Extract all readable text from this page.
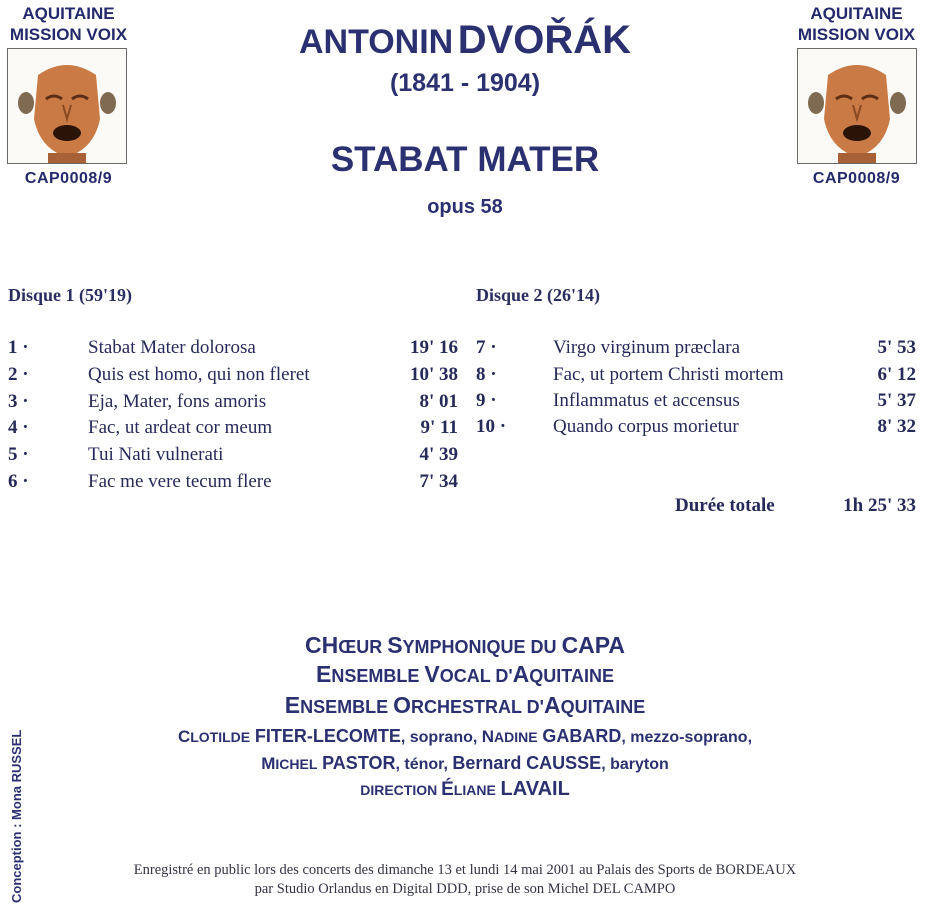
AQUITAINE
MISSION VOIX
CAP0008/9
AQUITAINE
MISSION VOIX
CAP0008/9
ANTONIN DVOŘÁK
(1841 - 1904)
STABAT MATER
opus 58
Disque 1 (59'19)
1 ·	Stabat Mater dolorosa	19' 16
2 ·	Quis est homo, qui non fleret	10' 38
3 ·	Eja, Mater, fons amoris	8' 01
4 ·	Fac, ut ardeat cor meum	9' 11
5 ·	Tui Nati vulnerati	4' 39
6 ·	Fac me vere tecum flere	7' 34
Disque 2 (26'14)
7 ·	Virgo virginum præclara	5' 53
8 ·	Fac, ut portem Christi mortem	6' 12
9 ·	Inflammatus et accensus	5' 37
10 · Quando corpus morietur	8' 32
Durée totale	1h 25' 33
CHŒUR SYMPHONIQUE DU CAPA
ENSEMBLE VOCAL D'AQUITAINE
ENSEMBLE ORCHESTRAL D'AQUITAINE
CLOTILDE FITER-LECOMTE, soprano, NADINE GABARD, mezzo-soprano,
MICHEL PASTOR, ténor, Bernard CAUSSE, baryton
DIRECTION ÉLIANE LAVAIL
Enregistré en public lors des concerts des dimanche 13 et lundi 14 mai 2001 au Palais des Sports de BORDEAUX
par Studio Orlandus en Digital DDD, prise de son Michel DEL CAMPO
Conception : Mona RUSSEL
